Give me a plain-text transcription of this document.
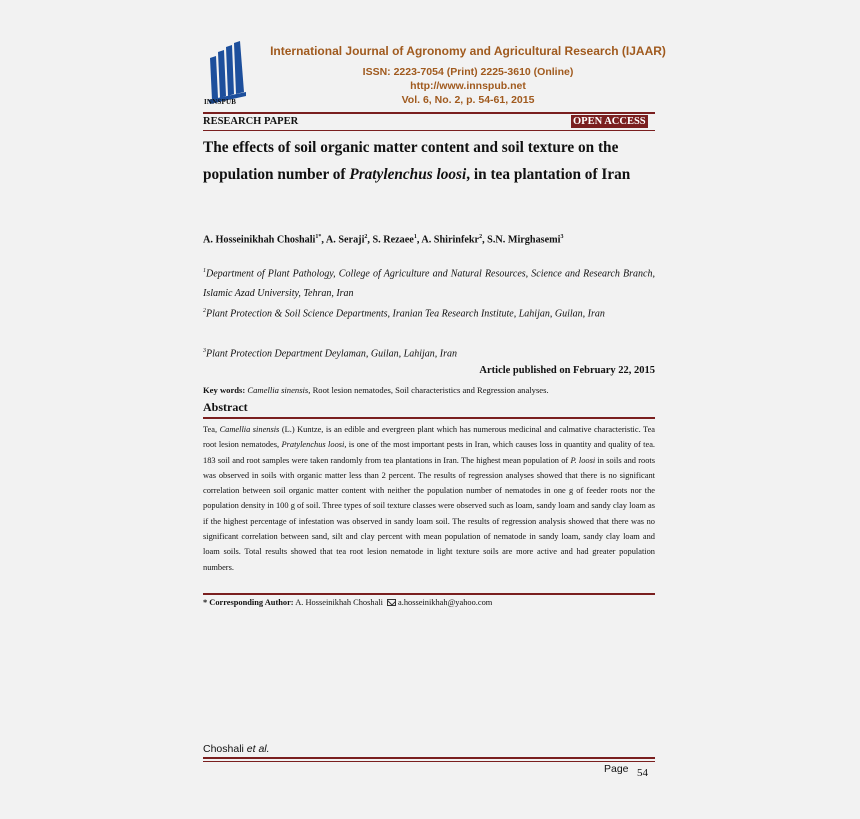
INNSPUB
International Journal of Agronomy and Agricultural Research (IJAAR)
ISSN: 2223-7054 (Print) 2225-3610 (Online)
http://www.innspub.net
Vol. 6, No. 2, p. 54-61, 2015
RESEARCH PAPER	OPEN ACCESS
The effects of soil organic matter content and soil texture on the population number of Pratylenchus loosi, in tea plantation of Iran
A. Hosseinikhah Choshali$^{1*}$, A. Seraji$^2$, S. Rezaee$^1$, A. Shirinfekr$^2$, S.N. Mirghasemi$^3$
$^1$Department of Plant Pathology, College of Agriculture and Natural Resources, Science and Research Branch, Islamic Azad University, Tehran, Iran
$^2$Plant Protection & Soil Science Departments, Iranian Tea Research Institute, Lahijan, Guilan, Iran
$^3$Plant Protection Department Deylaman, Guilan, Lahijan, Iran
Article published on February 22, 2015
Key words: Camellia sinensis, Root lesion nematodes, Soil characteristics and Regression analyses.
Abstract
Tea, Camellia sinensis (L.) Kuntze, is an edible and evergreen plant which has numerous medicinal and calmative characteristic. Tea root lesion nematodes, Pratylenchus loosi, is one of the most important pests in Iran, which causes loss in quantity and quality of tea. 183 soil and root samples were taken randomly from tea plantations in Iran. The highest mean population of P. loosi in soils and roots was observed in soils with organic matter less than 2 percent. The results of regression analyses showed that there is no significant correlation between soil organic matter content with neither the population number of nematodes in one g of feeder roots nor the population density in 100 g of soil. Three types of soil texture classes were observed such as loam, sandy loam and sandy clay loam as if the highest percentage of infestation was observed in sandy loam soil. The results of regression analysis showed that there was no significant correlation between sand, silt and clay percent with mean population of nematode in sandy loam, sandy clay loam and loam soils. Total results showed that tea root lesion nematode in light texture soils are more active and had greater population numbers.
* Corresponding Author: A. Hosseinikhah Choshali a.hosseinikhah@yahoo.com
Choshali et al.
Page 54
